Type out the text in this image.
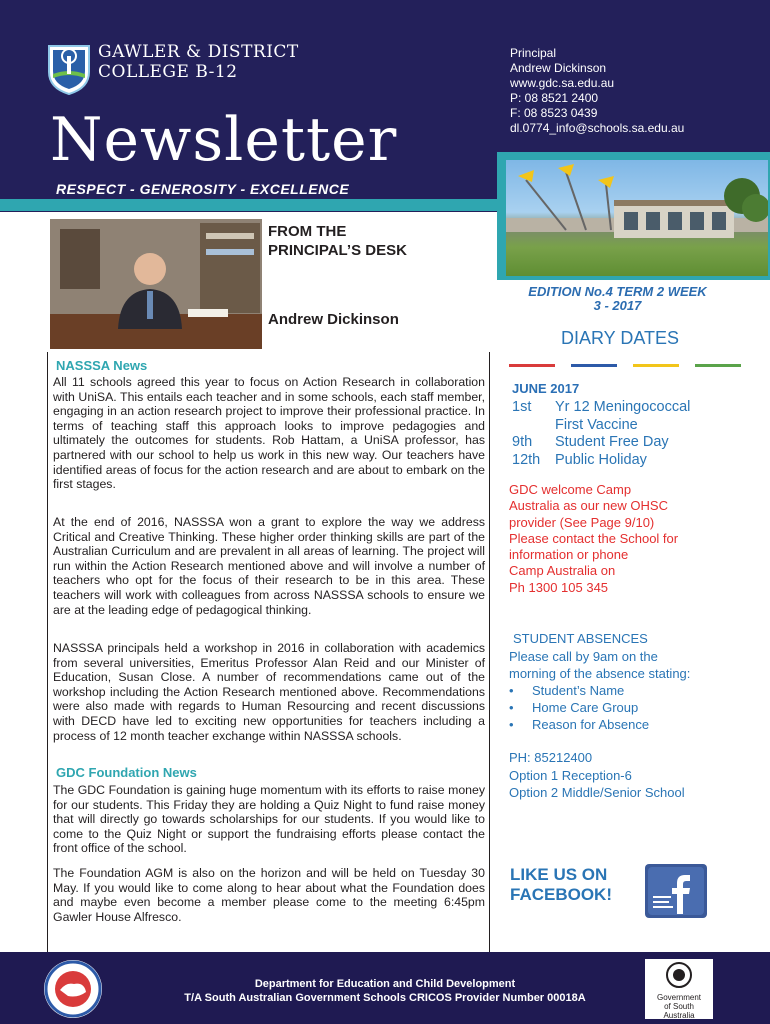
GAWLER & DISTRICT
COLLEGE B-12
Newsletter
RESPECT - GENEROSITY - EXCELLENCE
Principal
Andrew Dickinson
www.gdc.sa.edu.au
P: 08 8521 2400
F: 08 8523 0439
dl.0774_info@schools.sa.edu.au
FROM THE
PRINCIPAL’S DESK
Andrew Dickinson
NASSSA News
All 11 schools agreed this year to focus on Action Research in collaboration with UniSA. This entails each teacher and in some schools, each staff member, engaging in an action research project to improve their professional practice. In terms of teaching staff this approach looks to improve pedagogies and ultimately the outcomes for students. Rob Hattam, a UniSA professor, has partnered with our school to help us work in this new way. Our teachers have identified areas of focus for the action research and are about to embark on the first stages.
At the end of 2016, NASSSA won a grant to explore the way we address Critical and Creative Thinking. These higher order thinking skills are part of the Australian Curriculum and are prevalent in all areas of learning. The project will run within the Action Research mentioned above and will involve a number of teachers who opt for the focus of their research to be in this area. These teachers will work with colleagues from across NASSSA schools to ensure we are at the leading edge of pedagogical thinking.
NASSSA principals held a workshop in 2016 in collaboration with academics from several universities, Emeritus Professor Alan Reid and our Minister of Education, Susan Close. A number of recommendations came out of the workshop including the Action Research mentioned above. Recommendations were also made with regards to Human Resourcing and recent discussions with DECD have led to exciting new opportunities for teachers including a process of 12 month teacher exchange within NASSSA schools.
GDC Foundation News
The GDC Foundation is gaining huge momentum with its efforts to raise money for our students. This Friday they are holding a Quiz Night to fund raise money that will directly go towards scholarships for our students. If you would like to come to the Quiz Night or support the fundraising efforts please contact the front office of the school.
The Foundation AGM is also on the horizon and will be held on Tuesday 30 May. If you would like to come along to hear about what the Foundation does and maybe even become a member please come to the meeting 6:45pm Gawler House Alfresco.
EDITION No.4 TERM 2 WEEK
3 - 2017
DIARY DATES
JUNE 2017
1st Yr 12 Meningococcal
First Vaccine
9th Student Free Day
12th Public Holiday
GDC welcome Camp
Australia as our new OHSC
provider (See Page 9/10)
Please contact the School for
information or phone
Camp Australia on
Ph 1300 105 345
STUDENT ABSENCES
Please call by 9am on the
morning of the absence stating:
• Student’s Name
• Home Care Group
• Reason for Absence
PH: 85212400
Option 1 Reception-6
Option 2 Middle/Senior School
LIKE US ON
FACEBOOK!
Department for Education and Child Development
T/A South Australian Government Schools CRICOS Provider Number 00018A	Government
of South Australia
